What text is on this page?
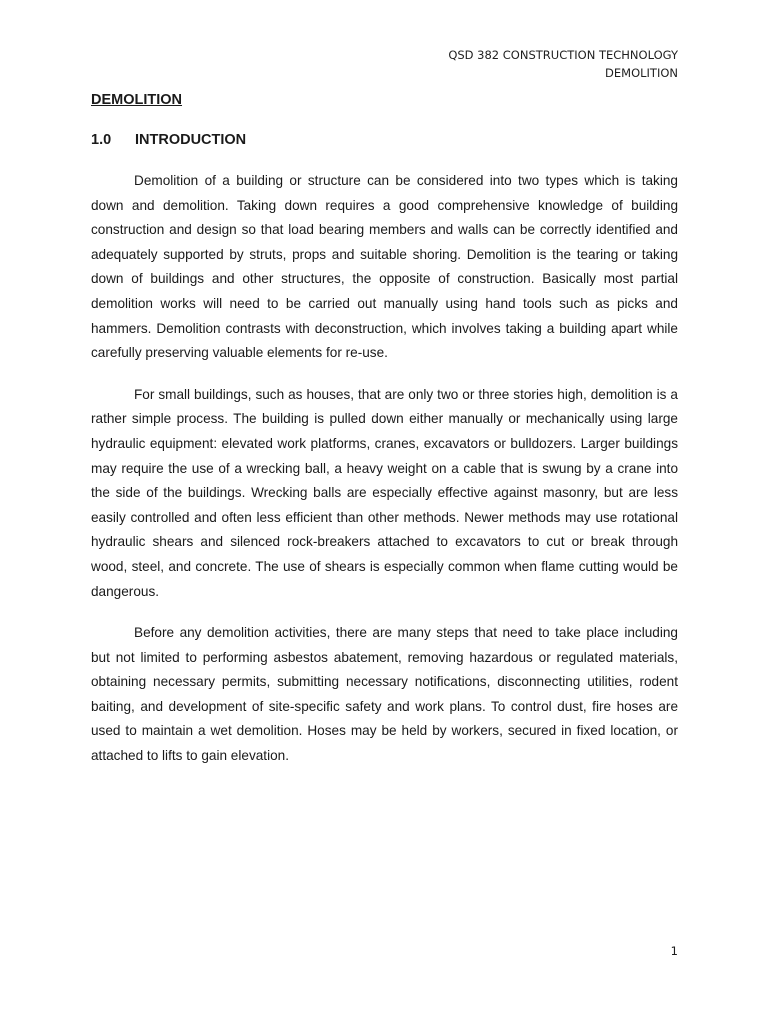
QSD 382 CONSTRUCTION TECHNOLOGY
DEMOLITION
DEMOLITION
1.0 INTRODUCTION

Demolition of a building or structure can be considered into two types which is taking down and demolition. Taking down requires a good comprehensive knowledge of building construction and design so that load bearing members and walls can be correctly identified and adequately supported by struts, props and suitable shoring. Demolition is the tearing or taking down of buildings and other structures, the opposite of construction. Basically most partial demolition works will need to be carried out manually using hand tools such as picks and hammers. Demolition contrasts with deconstruction, which involves taking a building apart while carefully preserving valuable elements for re-use.

For small buildings, such as houses, that are only two or three stories high, demolition is a rather simple process. The building is pulled down either manually or mechanically using large hydraulic equipment: elevated work platforms, cranes, excavators or bulldozers. Larger buildings may require the use of a wrecking ball, a heavy weight on a cable that is swung by a crane into the side of the buildings. Wrecking balls are especially effective against masonry, but are less easily controlled and often less efficient than other methods. Newer methods may use rotational hydraulic shears and silenced rock-breakers attached to excavators to cut or break through wood, steel, and concrete. The use of shears is especially common when flame cutting would be dangerous.

Before any demolition activities, there are many steps that need to take place including but not limited to performing asbestos abatement, removing hazardous or regulated materials, obtaining necessary permits, submitting necessary notifications, disconnecting utilities, rodent baiting, and development of site-specific safety and work plans. To control dust, fire hoses are used to maintain a wet demolition. Hoses may be held by workers, secured in fixed location, or attached to lifts to gain elevation.

1
